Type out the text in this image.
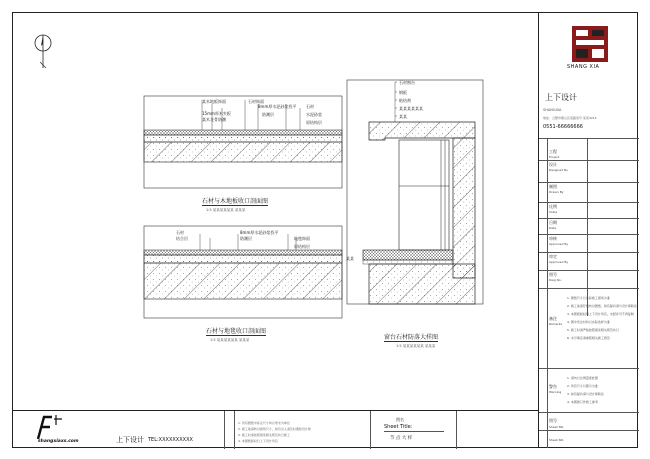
某木地板饰面
15mm厚木夹板
某木龙骨防潮
石材饰面
8mm厚水泥砂浆找平
防潮层
石材
水泥砂浆
原结构层
石材与木地板收口剖面图
1:5 某某某某某某 某某某
石材
结合层
8mm厚水泥砂浆找平
防潮层	地毯饰面
原结构层
石材与地毯收口剖面图
1:5 某某某某某某 某某某
石材窗台
钢板
粘结剂
某某某某某某
某某
某某
窗台石材防落大样图
1:5 某某某某某某 某某某
SHANG XIA
上下设计
SHANGXIA
地址：合肥市蜀山区某路某号 某某3214
0551-66666666
工程
Project
设计
Designed By
制图
Drawn By
比例
Scale
日期
Date
审核
Approved By
审定
Approved By
图号
Dwg No.
备注
Remarks
1. 图纸尺寸以实际施工现场为准
2. 施工前请仔细核对图纸，如有疑问请与设计师联系
3. 本图纸版权归上下设计所有，未经许可不得复制
4. 图中所注材料以实际选样为准
5. 施工时请严格按照国家相关规范执行
6. 未尽事宜请参照相关施工规范
警告
Warning
1. 请勿以比例量度此图
2. 所有尺寸以图示为准
3. 如有疑问请与设计师联系
4. 本图纸只作施工参考
图号
Sheet NO.
Sheet NO.
shangxiaxs.com	上下设计 TEL:XXXXXXXXXX
1. 所有图纸中标注尺寸均以毫米为单位
2. 施工前请核对现场尺寸，如有出入请及时通知设计师
3. 施工时请按照国家相关规范执行施工
4. 本图纸版权归上下设计所有
图名
Sheet Title:
节 点 大 样
